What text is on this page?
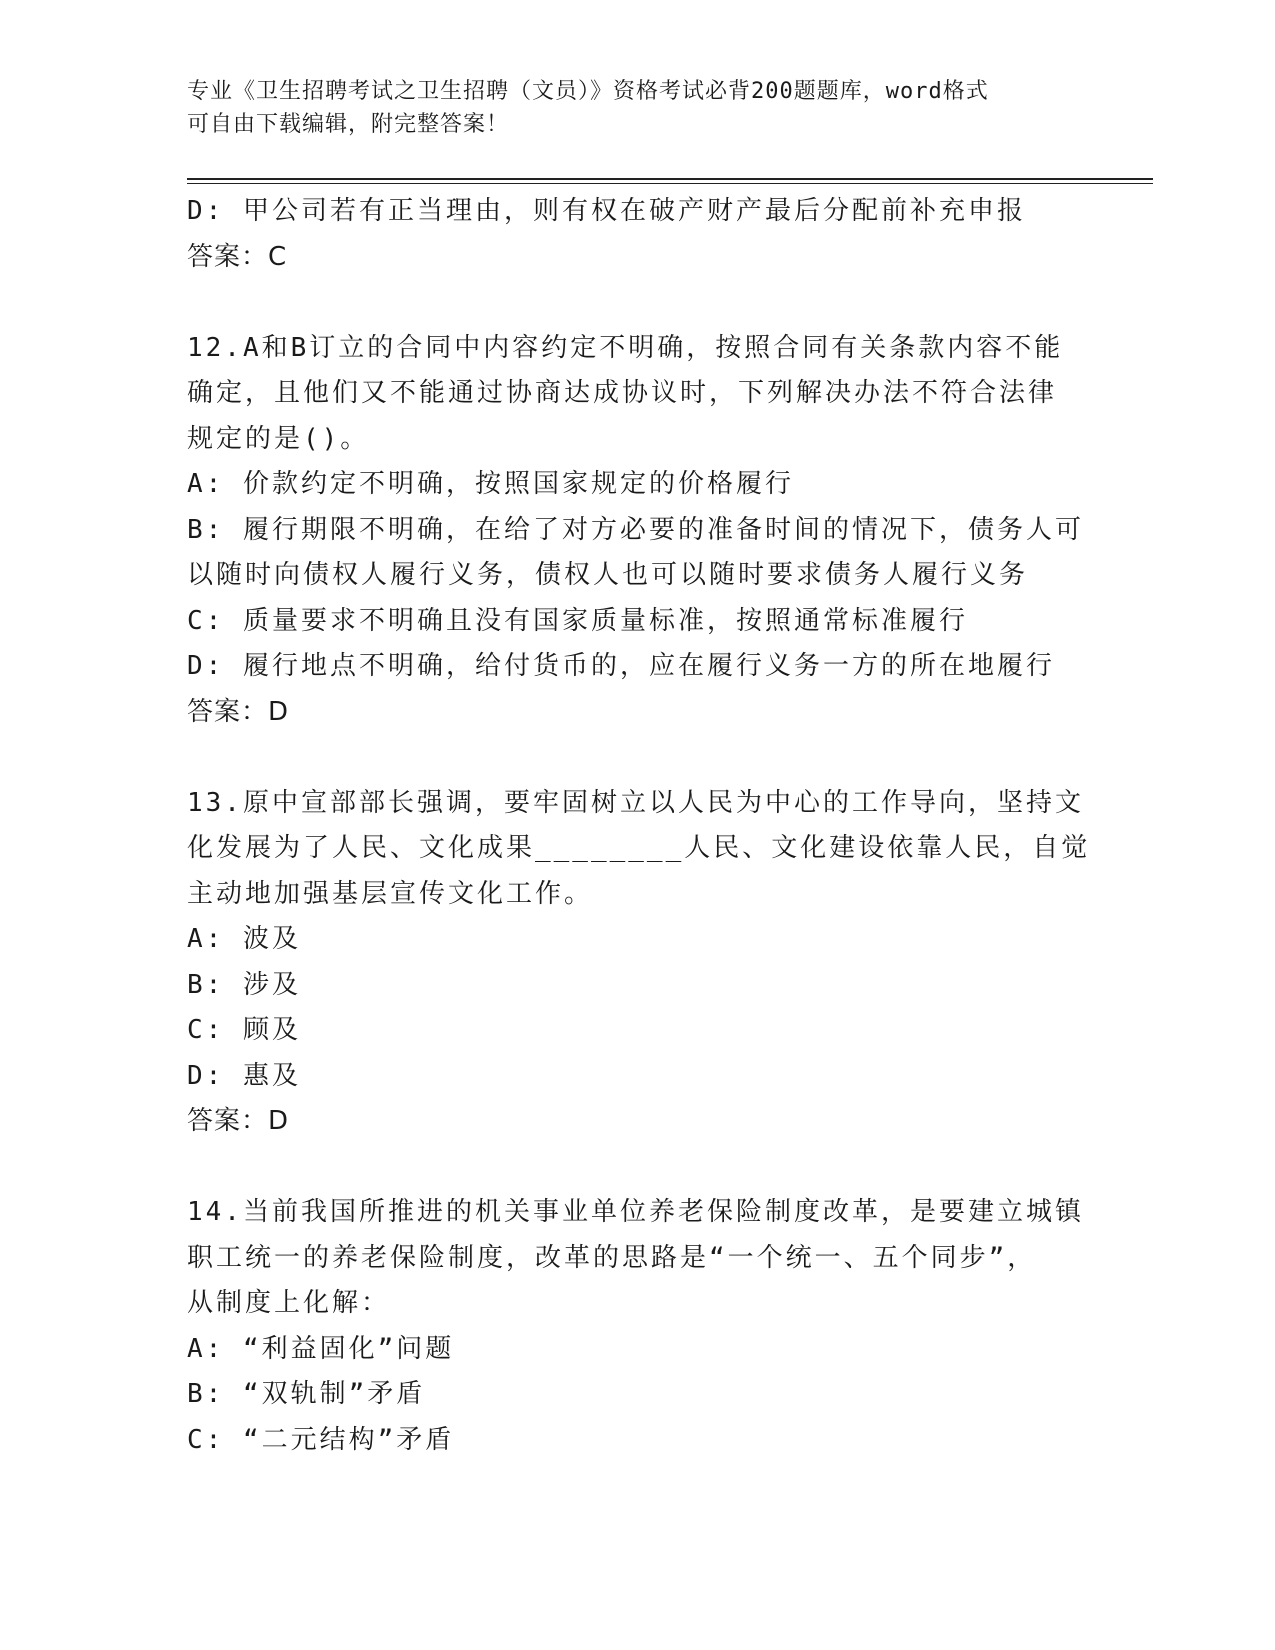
专业《卫生招聘考试之卫生招聘（文员）》资格考试必背200题题库，word格式
可自由下载编辑，附完整答案！
D: 甲公司若有正当理由，则有权在破产财产最后分配前补充申报
答案：C
12.A和B订立的合同中内容约定不明确，按照合同有关条款内容不能
确定，且他们又不能通过协商达成协议时，下列解决办法不符合法律
规定的是()。
A: 价款约定不明确，按照国家规定的价格履行
B: 履行期限不明确，在给了对方必要的准备时间的情况下，债务人可
以随时向债权人履行义务，债权人也可以随时要求债务人履行义务
C: 质量要求不明确且没有国家质量标准，按照通常标准履行
D: 履行地点不明确，给付货币的，应在履行义务一方的所在地履行
答案：D
13.原中宣部部长强调，要牢固树立以人民为中心的工作导向，坚持文
化发展为了人民、文化成果________人民、文化建设依靠人民，自觉
主动地加强基层宣传文化工作。
A: 波及
B: 涉及
C: 顾及
D: 惠及
答案：D
14.当前我国所推进的机关事业单位养老保险制度改革，是要建立城镇
职工统一的养老保险制度，改革的思路是“一个统一、五个同步”，
从制度上化解：
A: “利益固化”问题
B: “双轨制”矛盾
C: “二元结构”矛盾
